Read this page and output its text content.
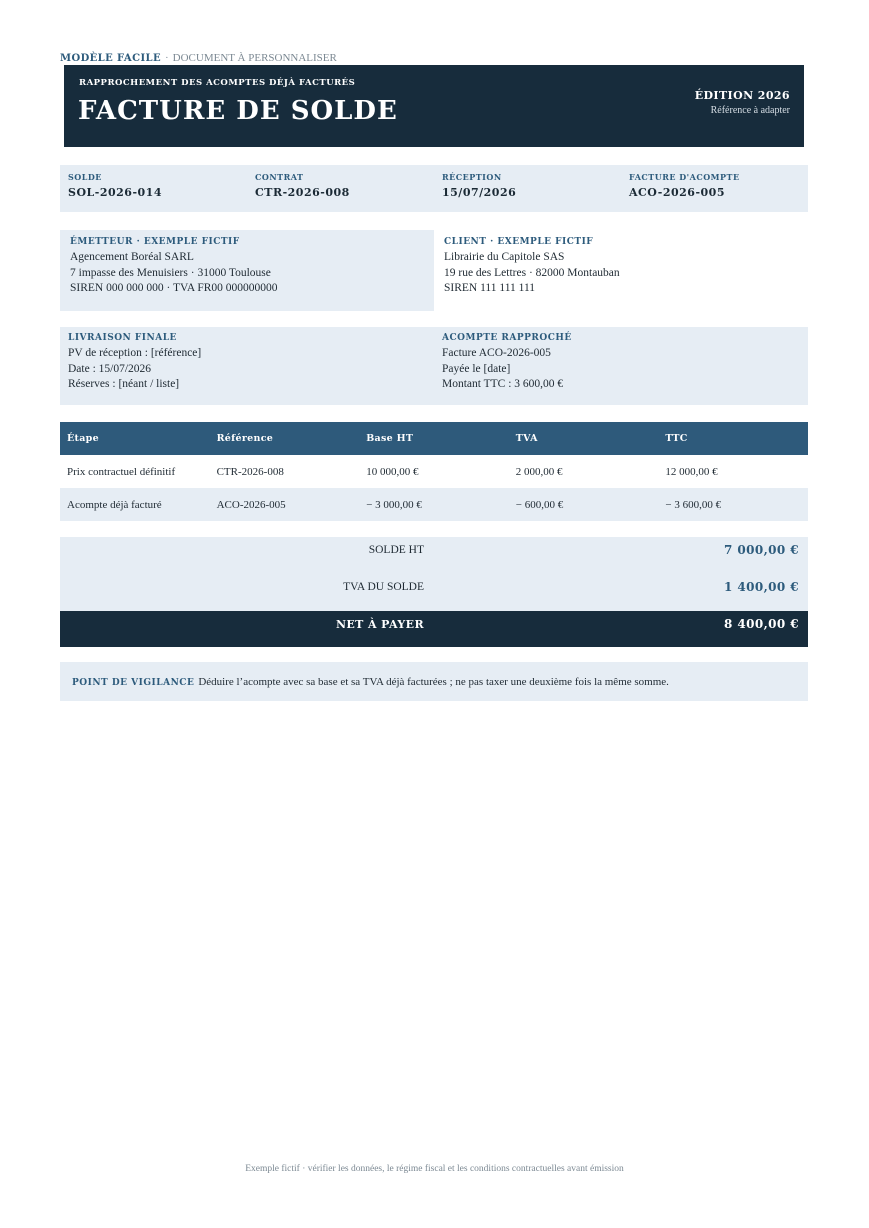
MODÈLE FACILE · DOCUMENT À PERSONNALISER
RAPPROCHEMENT DES ACOMPTES DÉJÀ FACTURÉS
FACTURE DE SOLDE
ÉDITION 2026
Référence à adapter
SOLDE
SOL-2026-014
CONTRAT
CTR-2026-008
RÉCEPTION
15/07/2026
FACTURE D'ACOMPTE
ACO-2026-005
ÉMETTEUR · EXEMPLE FICTIF
Agencement Boréal SARL
7 impasse des Menuisiers · 31000 Toulouse
SIREN 000 000 000 · TVA FR00 000000000
CLIENT · EXEMPLE FICTIF
Librairie du Capitole SAS
19 rue des Lettres · 82000 Montauban
SIREN 111 111 111
LIVRAISON FINALE
PV de réception : [référence]
Date : 15/07/2026
Réserves : [néant / liste]
ACOMPTE RAPPROCHÉ
Facture ACO-2026-005
Payée le [date]
Montant TTC : 3 600,00 €
Étape	Référence	Base HT	TVA	TTC
Prix contractuel définitif	CTR-2026-008	10 000,00 €	2 000,00 €	12 000,00 €
Acompte déjà facturé	ACO-2026-005	− 3 000,00 €	− 600,00 €	− 3 600,00 €
SOLDE HT	7 000,00 €
TVA DU SOLDE	1 400,00 €
NET À PAYER	8 400,00 €
POINT DE VIGILANCE Déduire l’acompte avec sa base et sa TVA déjà facturées ; ne pas taxer une deuxième fois la même somme.
Exemple fictif · vérifier les données, le régime fiscal et les conditions contractuelles avant émission
